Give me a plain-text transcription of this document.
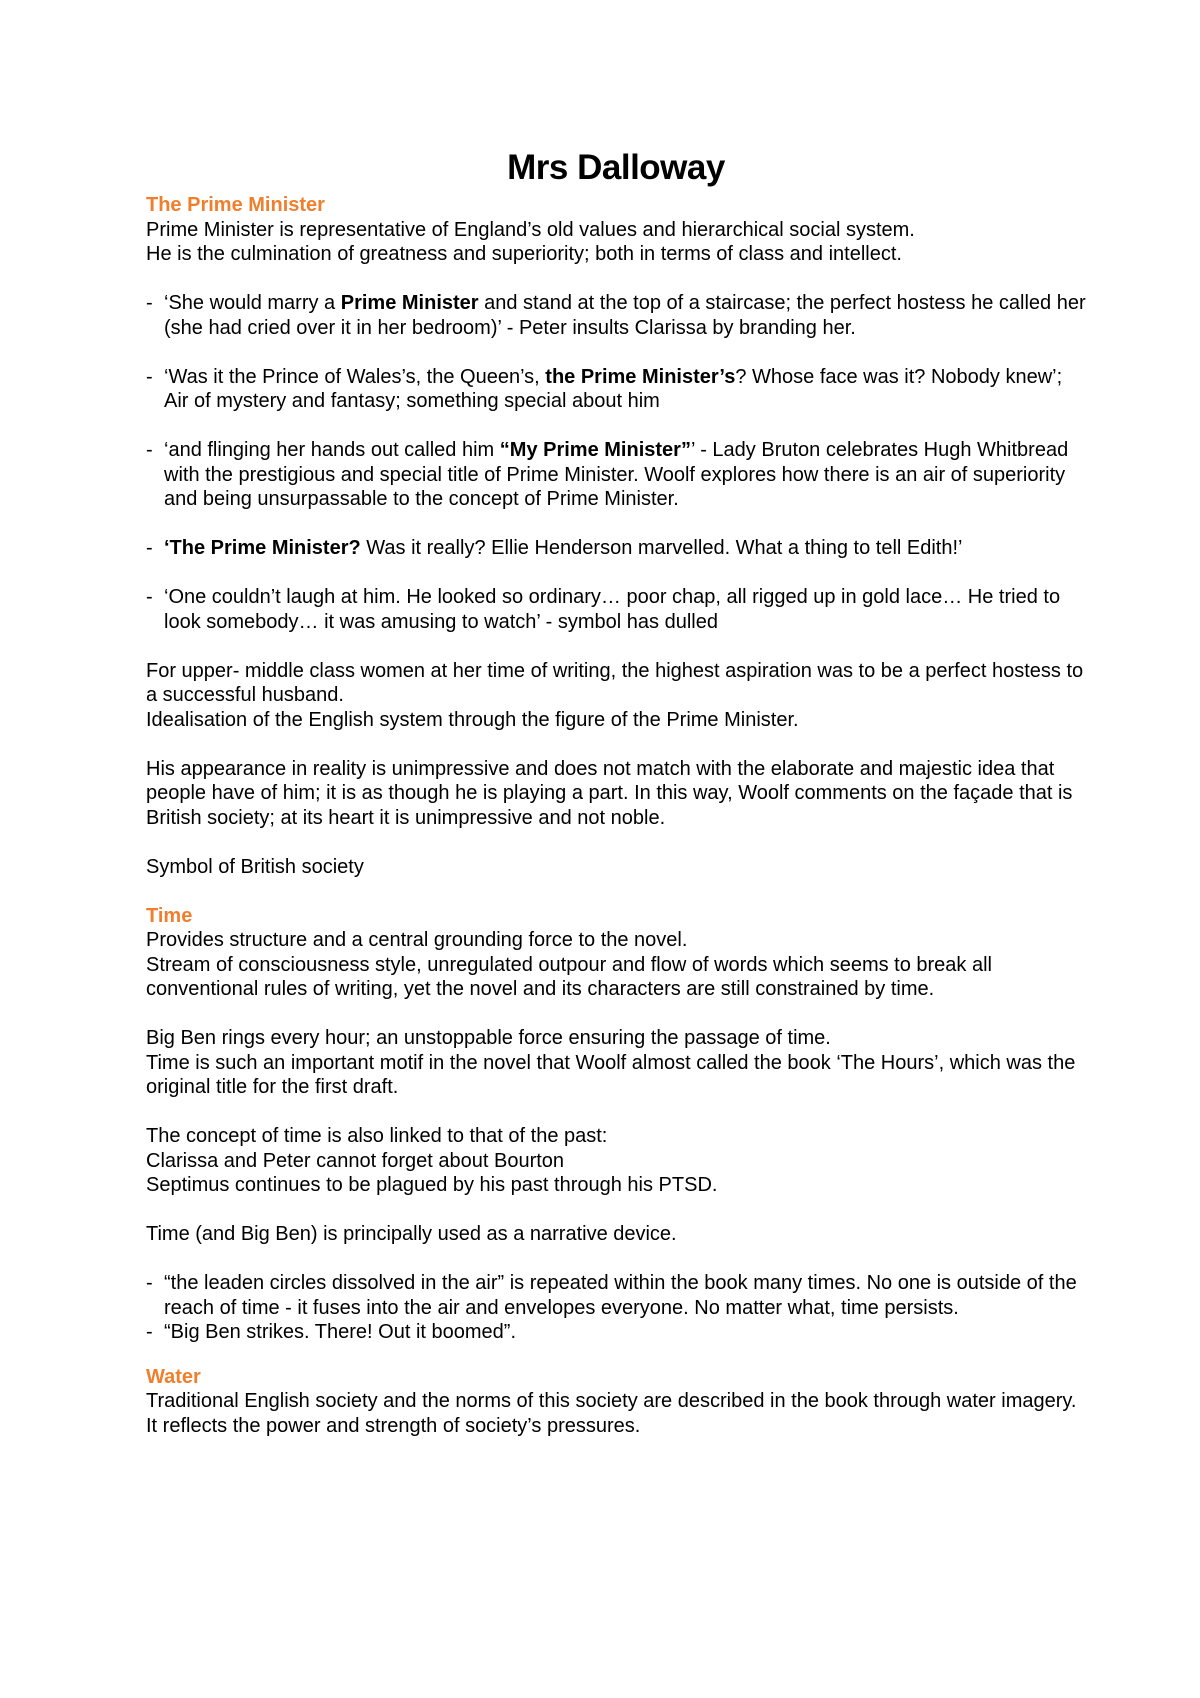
Mrs Dalloway
The Prime Minister

Prime Minister is representative of England’s old values and hierarchical social system.
He is the culmination of greatness and superiority; both in terms of class and intellect.

- ‘She would marry a Prime Minister and stand at the top of a staircase; the perfect hostess he called her (she had cried over it in her bedroom)’ - Peter insults Clarissa by branding her.
- ‘Was it the Prince of Wales’s, the Queen’s, the Prime Minister’s? Whose face was it? Nobody knew’; Air of mystery and fantasy; something special about him
- ‘and flinging her hands out called him “My Prime Minister”’ - Lady Bruton celebrates Hugh Whitbread with the prestigious and special title of Prime Minister. Woolf explores how there is an air of superiority and being unsurpassable to the concept of Prime Minister.
- ‘The Prime Minister? Was it really? Ellie Henderson marvelled. What a thing to tell Edith!’
- ‘One couldn’t laugh at him. He looked so ordinary… poor chap, all rigged up in gold lace… He tried to look somebody… it was amusing to watch’ - symbol has dulled

For upper- middle class women at her time of writing, the highest aspiration was to be a perfect hostess to a successful husband.
Idealisation of the English system through the figure of the Prime Minister.

His appearance in reality is unimpressive and does not match with the elaborate and majestic idea that people have of him; it is as though he is playing a part. In this way, Woolf comments on the façade that is British society; at its heart it is unimpressive and not noble.

Symbol of British society

Time

Provides structure and a central grounding force to the novel.
Stream of consciousness style, unregulated outpour and flow of words which seems to break all conventional rules of writing, yet the novel and its characters are still constrained by time.

Big Ben rings every hour; an unstoppable force ensuring the passage of time.
Time is such an important motif in the novel that Woolf almost called the book ‘The Hours’, which was the original title for the first draft.

The concept of time is also linked to that of the past:
Clarissa and Peter cannot forget about Bourton
Septimus continues to be plagued by his past through his PTSD.

Time (and Big Ben) is principally used as a narrative device.

- “the leaden circles dissolved in the air” is repeated within the book many times. No one is outside of the reach of time - it fuses into the air and envelopes everyone. No matter what, time persists.
- “Big Ben strikes. There! Out it boomed”.
Water

Traditional English society and the norms of this society are described in the book through water imagery. It reflects the power and strength of society’s pressures.
